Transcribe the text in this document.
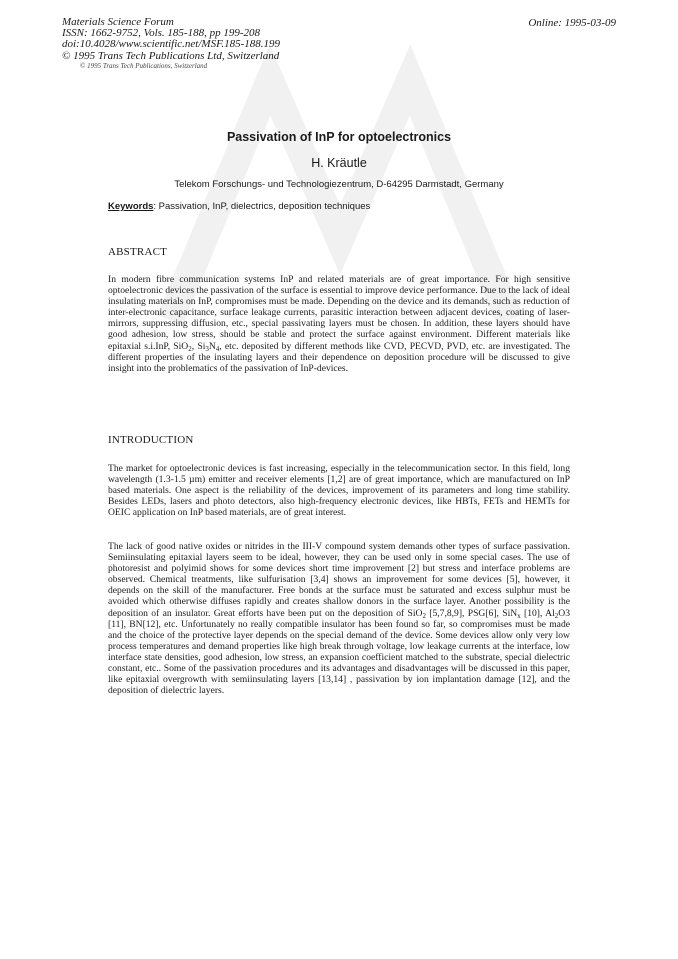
Materials Science Forum
ISSN: 1662-9752, Vols. 185-188, pp 199-208
doi:10.4028/www.scientific.net/MSF.185-188.199
© 1995 Trans Tech Publications Ltd, Switzerland
© 1995 Trans Tech Publications, Switzerland
Online: 1995-03-09
Passivation of InP for optoelectronics
H. Kräutle
Telekom Forschungs- und Technologiezentrum, D-64295 Darmstadt, Germany
Keywords: Passivation, InP, dielectrics, deposition techniques
ABSTRACT

In modern fibre communication systems InP and related materials are of great importance. For high sensitive optoelectronic devices the passivation of the surface is essential to improve device performance. Due to the lack of ideal insulating materials on InP, compromises must be made. Depending on the device and its demands, such as reduction of inter-electronic capacitance, surface leakage currents, parasitic interaction between adjacent devices, coating of laser-mirrors, suppressing diffusion, etc., special passivating layers must be chosen. In addition, these layers should have good adhesion, low stress, should be stable and protect the surface against environment. Different materials like epitaxial s.i.InP, SiO$_2$, $Si_3N_4$, etc. deposited by different methods like CVD, PECVD, PVD, etc. are investigated. The different properties of the insulating layers and their dependence on deposition procedure will be discussed to give insight into the problematics of the passivation of InP-devices.

INTRODUCTION

The market for optoelectronic devices is fast increasing, especially in the telecommunication sector. In this field, long wavelength (1.3-1.5 µm) emitter and receiver elements [1,2] are of great importance, which are manufactured on InP based materials. One aspect is the reliability of the devices, improvement of its parameters and long time stability. Besides LEDs, lasers and photo detectors, also high-frequency electronic devices, like HBTs, FETs and HEMTs for OEIC application on InP based materials, are of great interest.

The lack of good native oxides or nitrides in the III-V compound system demands other types of surface passivation. Semiinsulating epitaxial layers seem to be ideal, however, they can be used only in some special cases. The use of photoresist and polyimid shows for some devices short time improvement [2] but stress and interface problems are observed. Chemical treatments, like sulfurisation [3,4] shows an improvement for some devices [5], however, it depends on the skill of the manufacturer. Free bonds at the surface must be saturated and excess sulphur must be avoided which otherwise diffuses rapidly and creates shallow donors in the surface layer. Another possibility is the deposition of an insulator. Great efforts have been put on the deposition of SiO$_2$ [5,7,8,9], PSG[6], SiN$_x$ [10], $Al_2O3$ [11], BN[12], etc. Unfortunately no really compatible insulator has been found so far, so compromises must be made and the choice of the protective layer depends on the special demand of the device. Some devices allow only very low process temperatures and demand properties like high break through voltage, low leakage currents at the interface, low interface state densities, good adhesion, low stress, an expansion coefficient matched to the substrate, special dielectric constant, etc.. Some of the passivation procedures and its advantages and disadvantages will be discussed in this paper, like epitaxial overgrowth with semiinsulating layers [13,14] , passivation by ion implantation damage [12], and the deposition of dielectric layers.
